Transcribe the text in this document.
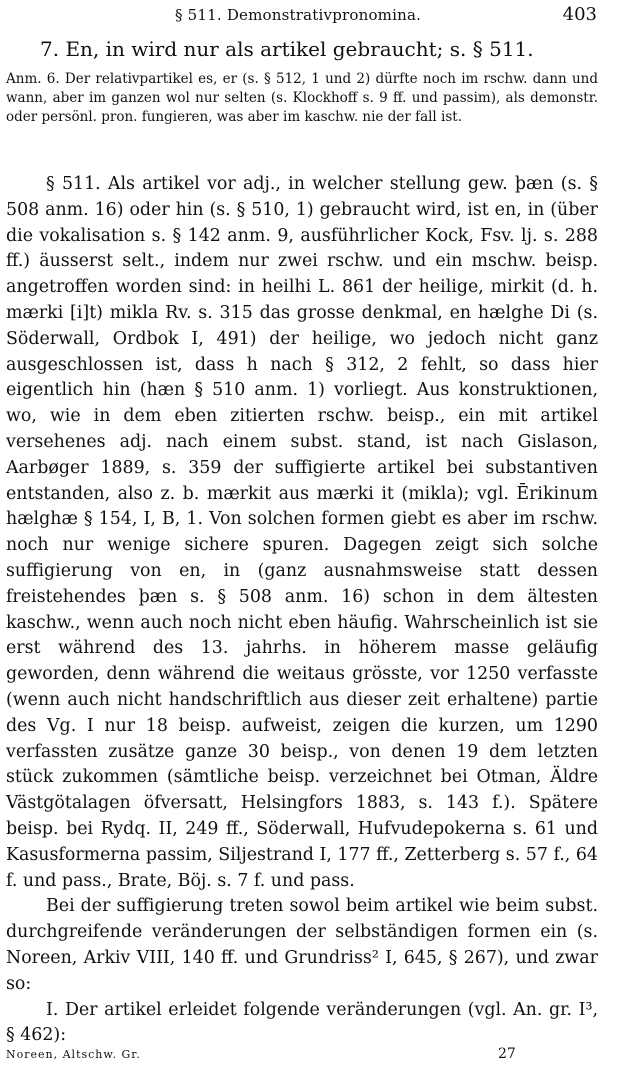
§ 511. Demonstrativpronomina.	403
7. En, in wird nur als artikel gebraucht; s. § 511.
Anm. 6. Der relativpartikel es, er (s. § 512, 1 und 2) dürfte noch im rschw. dann und wann, aber im ganzen wol nur selten (s. Klockhoff s. 9 ff. und passim), als demonstr. oder persönl. pron. fungieren, was aber im kaschw. nie der fall ist.
§ 511. Als artikel vor adj., in welcher stellung gew. þæn (s. § 508 anm. 16) oder hin (s. § 510, 1) gebraucht wird, ist en, in (über die vokalisation s. § 142 anm. 9, ausführlicher Kock, Fsv. lj. s. 288 ff.) äusserst selt., indem nur zwei rschw. und ein mschw. beisp. angetroffen worden sind: in heilhi L. 861 der heilige, mirkit (d. h. mærki [i]t) mikla Rv. s. 315 das grosse denkmal, en hælghe Di (s. Söderwall, Ordbok I, 491) der heilige, wo jedoch nicht ganz ausgeschlossen ist, dass h nach § 312, 2 fehlt, so dass hier eigentlich hin (hæn § 510 anm. 1) vorliegt. Aus konstruktionen, wo, wie in dem eben zitierten rschw. beisp., ein mit artikel versehenes adj. nach einem subst. stand, ist nach Gislason, Aarbøger 1889, s. 359 der suffigierte artikel bei substantiven entstanden, also z. b. mærkit aus mærki it (mikla); vgl. Ērikinum hælghæ § 154, I, B, 1. Von solchen formen giebt es aber im rschw. noch nur wenige sichere spuren. Dagegen zeigt sich solche suffigierung von en, in (ganz ausnahmsweise statt dessen freistehendes þæn s. § 508 anm. 16) schon in dem ältesten kaschw., wenn auch noch nicht eben häufig. Wahrscheinlich ist sie erst während des 13. jahrhs. in höherem masse geläufig geworden, denn während die weitaus grösste, vor 1250 verfasste (wenn auch nicht handschriftlich aus dieser zeit erhaltene) partie des Vg. I nur 18 beisp. aufweist, zeigen die kurzen, um 1290 verfassten zusätze ganze 30 beisp., von denen 19 dem letzten stück zukommen (sämtliche beisp. verzeichnet bei Otman, Äldre Västgötalagen öfversatt, Helsingfors 1883, s. 143 f.). Spätere beisp. bei Rydq. II, 249 ff., Söderwall, Hufvudepokerna s. 61 und Kasusformerna passim, Siljestrand I, 177 ff., Zetterberg s. 57 f., 64 f. und pass., Brate, Böj. s. 7 f. und pass.
Bei der suffigierung treten sowol beim artikel wie beim subst. durchgreifende veränderungen der selbständigen formen ein (s. Noreen, Arkiv VIII, 140 ff. und Grundriss² I, 645, § 267), und zwar so:
I. Der artikel erleidet folgende veränderungen (vgl. An. gr. I³, § 462):
Noreen, Altschw. Gr.	27
